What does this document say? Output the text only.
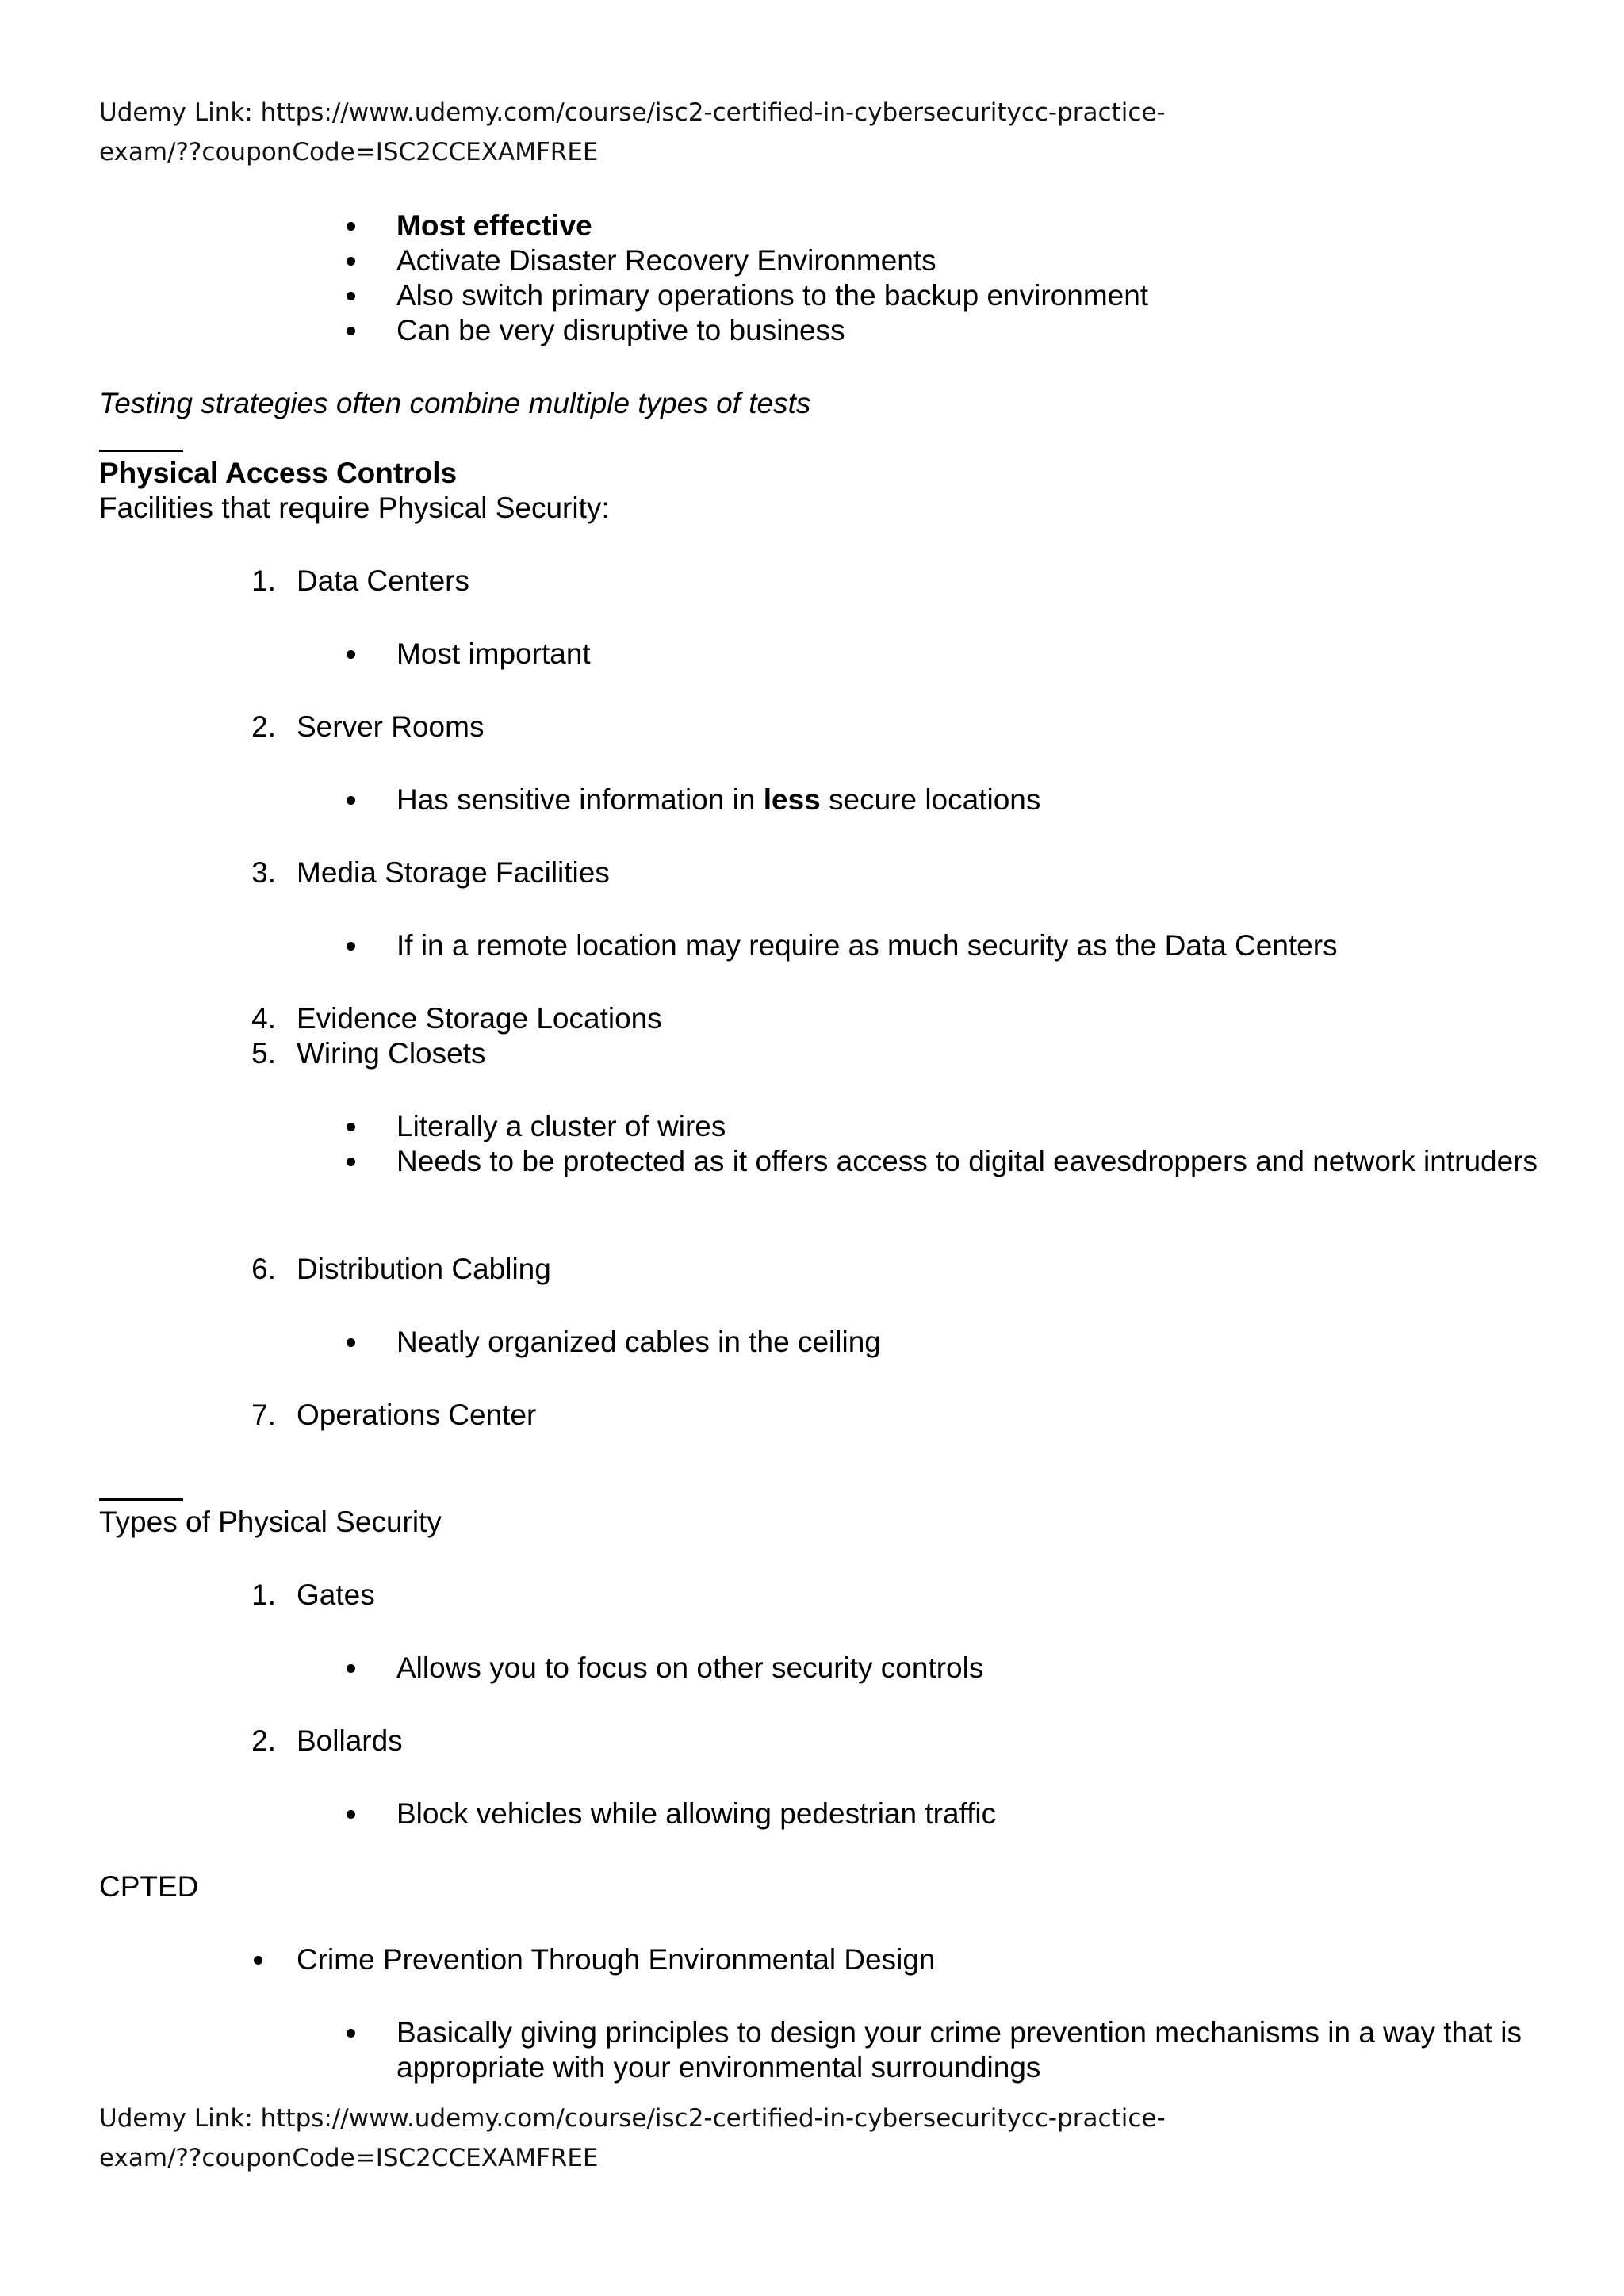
Udemy Link: https://www.udemy.com/course/isc2-certified-in-cybersecuritycc-practice-
exam/??couponCode=ISC2CCEXAMFREE
Most effective
Activate Disaster Recovery Environments
Also switch primary operations to the backup environment
Can be very disruptive to business
Testing strategies often combine multiple types of tests
Physical Access Controls
Facilities that require Physical Security:
1. Data Centers
Most important
2. Server Rooms
Has sensitive information in less secure locations
3. Media Storage Facilities
If in a remote location may require as much security as the Data Centers
4. Evidence Storage Locations
5. Wiring Closets
Literally a cluster of wires
Needs to be protected as it offers access to digital eavesdroppers and network intruders
6. Distribution Cabling
Neatly organized cables in the ceiling
7. Operations Center
Types of Physical Security
1. Gates
Allows you to focus on other security controls
2. Bollards
Block vehicles while allowing pedestrian traffic
CPTED
Crime Prevention Through Environmental Design
Basically giving principles to design your crime prevention mechanisms in a way that is appropriate with your environmental surroundings
Udemy Link: https://www.udemy.com/course/isc2-certified-in-cybersecuritycc-practice-
exam/??couponCode=ISC2CCEXAMFREE
